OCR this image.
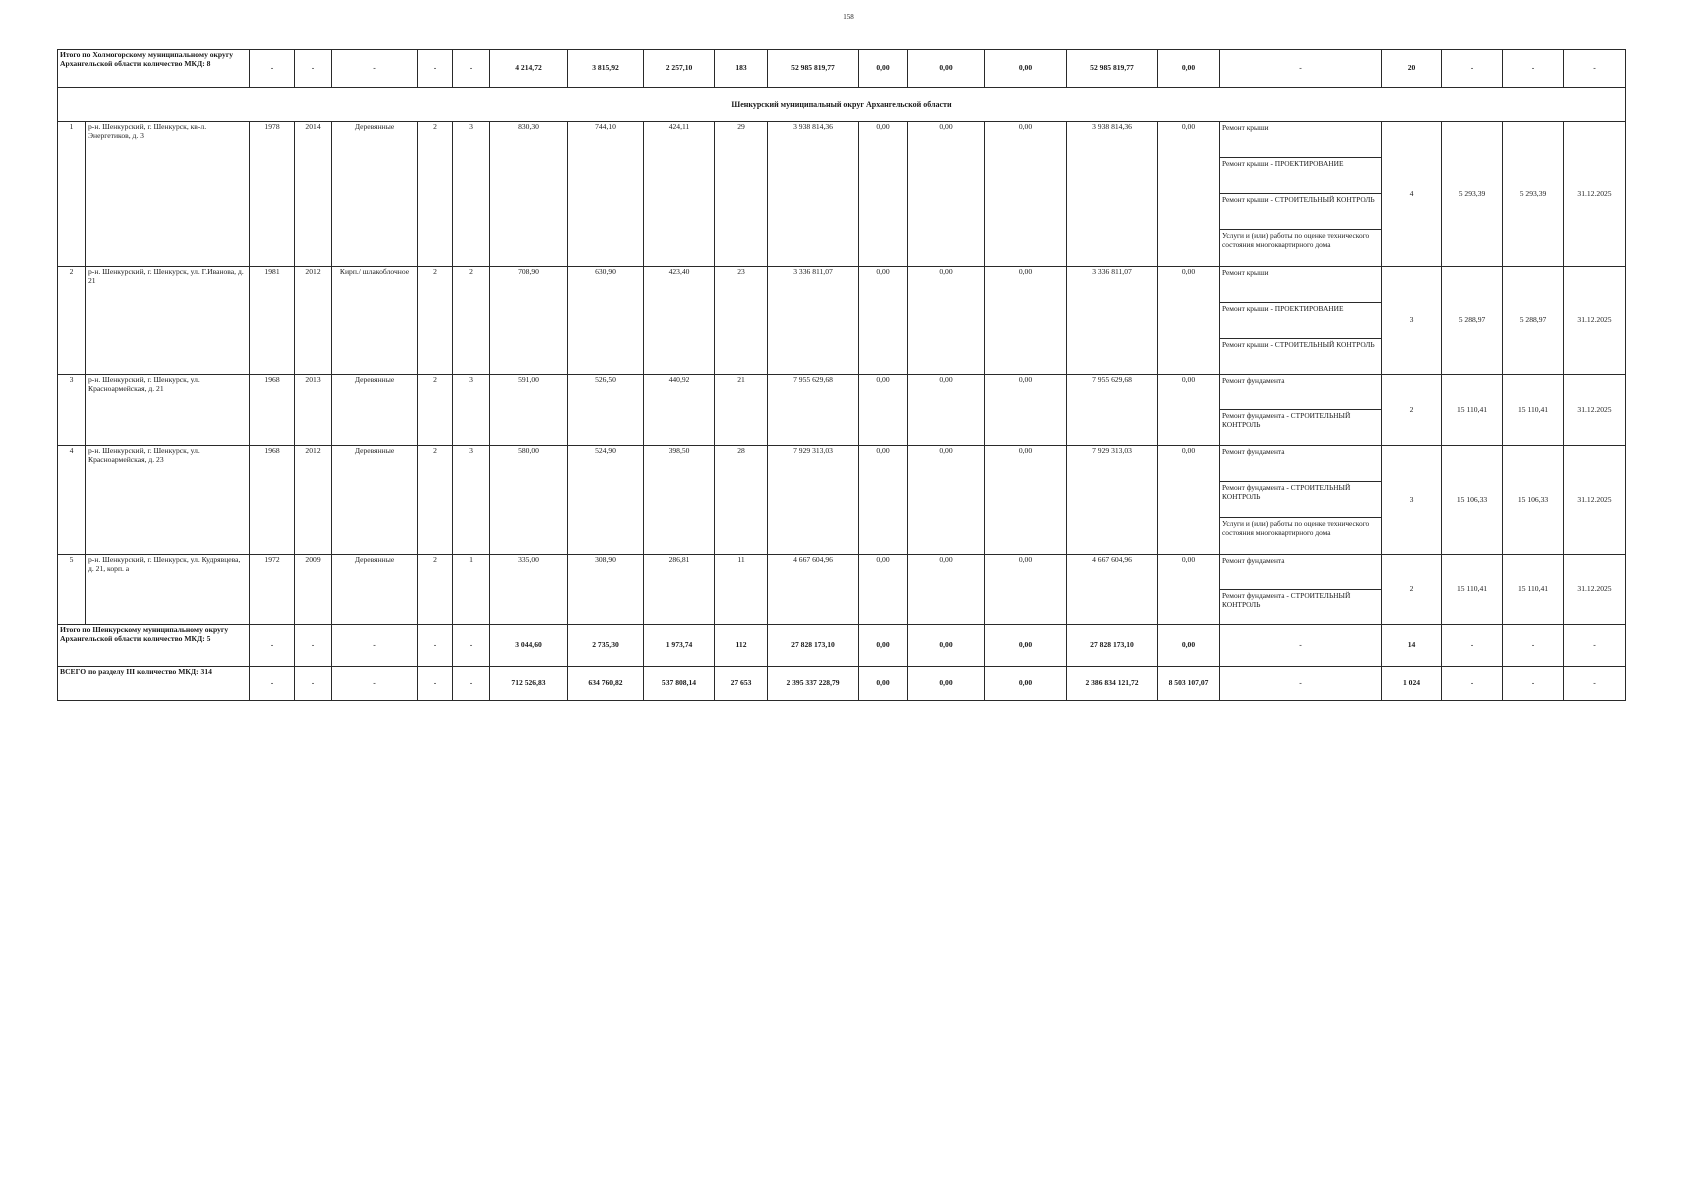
158
Итого по Холмогорскому муниципальному округу Архангельской области количество МКД: 8		-	-	-	-	-	4 214,72	3 815,92	2 257,10	183	52 985 819,77	0,00	0,00	0,00	52 985 819,77	0,00	-	20	-	-	-
Шенкурский муниципальный округ Архангельской области																					
1	р-н. Шенкурский, г. Шенкурск, кв-л. Энергетиков, д. 3	1978	2014	Деревянные	2	3	830,30	744,10	424,11	29	3 938 814,36	0,00	0,00	0,00	3 938 814,36	0,00	Ремонт крыши
Ремонт крыши - ПРОЕКТИРОВАНИЕ
Ремонт крыши - СТРОИТЕЛЬНЫЙ КОНТРОЛЬ
Услуги и (или) работы по оценке технического состояния многоквартирного дома	4	5 293,39	5 293,39	31.12.2025
2	р-н. Шенкурский, г. Шенкурск, ул. Г.Иванова, д. 21	1981	2012	Кирп./ шлакоблочное	2	2	708,90	630,90	423,40	23	3 336 811,07	0,00	0,00	0,00	3 336 811,07	0,00	Ремонт крыши
Ремонт крыши - ПРОЕКТИРОВАНИЕ
Ремонт крыши - СТРОИТЕЛЬНЫЙ КОНТРОЛЬ	3	5 288,97	5 288,97	31.12.2025
3	р-н. Шенкурский, г. Шенкурск, ул. Красноармейская, д. 21	1968	2013	Деревянные	2	3	591,00	526,50	440,92	21	7 955 629,68	0,00	0,00	0,00	7 955 629,68	0,00	Ремонт фундамента
Ремонт фундамента - СТРОИТЕЛЬНЫЙ КОНТРОЛЬ	2	15 110,41	15 110,41	31.12.2025
4	р-н. Шенкурский, г. Шенкурск, ул. Красноармейская, д. 23	1968	2012	Деревянные	2	3	580,00	524,90	398,50	28	7 929 313,03	0,00	0,00	0,00	7 929 313,03	0,00	Ремонт фундамента
Ремонт фундамента - СТРОИТЕЛЬНЫЙ КОНТРОЛЬ
Услуги и (или) работы по оценке технического состояния многоквартирного дома	3	15 106,33	15 106,33	31.12.2025
5	р-н. Шенкурский, г. Шенкурск, ул. Кудрявцева, д. 21, корп. а	1972	2009	Деревянные	2	1	335,00	308,90	286,81	11	4 667 604,96	0,00	0,00	0,00	4 667 604,96	0,00	Ремонт фундамента
Ремонт фундамента - СТРОИТЕЛЬНЫЙ КОНТРОЛЬ	2	15 110,41	15 110,41	31.12.2025
Итого по Шенкурскому муниципальному округу Архангельской области количество МКД: 5		-	-	-	-	-	3 044,60	2 735,30	1 973,74	112	27 828 173,10	0,00	0,00	0,00	27 828 173,10	0,00	-	14	-	-	-
ВСЕГО по разделу III количество МКД: 314		-	-	-	-	-	712 526,83	634 760,82	537 808,14	27 653	2 395 337 228,79	0,00	0,00	0,00	2 386 834 121,72	8 503 107,07	-	1 024	-	-	-
